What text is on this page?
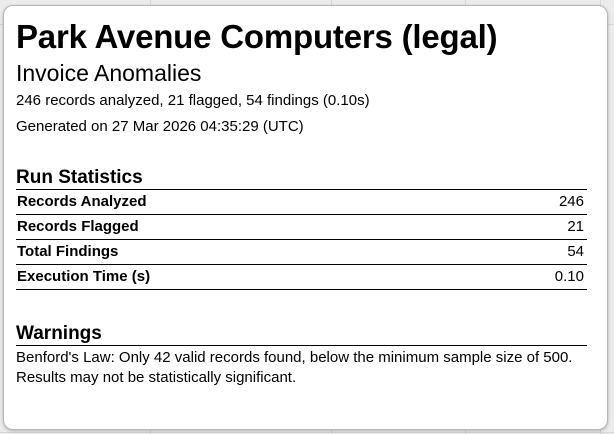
Park Avenue Computers (legal)
Invoice Anomalies
246 records analyzed, 21 flagged, 54 findings (0.10s)
Generated on 27 Mar 2026 04:35:29 (UTC)
Run Statistics
Records Analyzed	246
Records Flagged	21
Total Findings	54
Execution Time (s)	0.10
Warnings
Benford's Law: Only 42 valid records found, below the minimum sample size of 500. Results may not be statistically significant.
